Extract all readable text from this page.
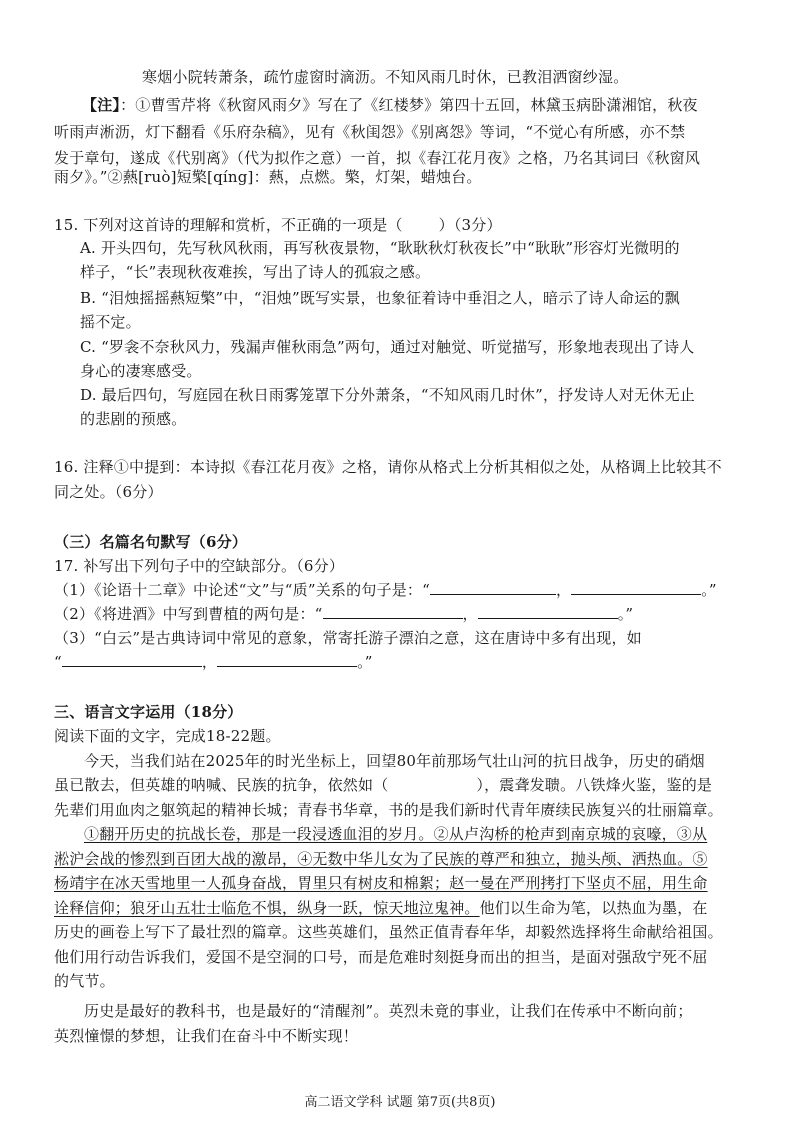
寒烟小院转萧条，疏竹虚窗时滴沥。不知风雨几时休，已教泪洒窗纱湿。
【注】：①曹雪芹将《秋窗风雨夕》写在了《红楼梦》第四十五回，林黛玉病卧潇湘馆，秋夜
听雨声淅沥，灯下翻看《乐府杂稿》，见有《秋闺怨》《别离怨》等词，“不觉心有所感，亦不禁
发于章句，遂成《代别离》（代为拟作之意）一首，拟《春江花月夜》之格，乃名其词曰《秋窗风
雨夕》。”②爇[ruò]短檠[qíng]：爇，点燃。檠，灯架，蜡烛台。
15. 下列对这首诗的理解和赏析，不正确的一项是（ ）（3分）
A. 开头四句，先写秋风秋雨，再写秋夜景物，“耿耿秋灯秋夜长”中“耿耿”形容灯光微明的
样子，“长”表现秋夜难挨，写出了诗人的孤寂之感。
B. “泪烛摇摇爇短檠”中，“泪烛”既写实景，也象征着诗中垂泪之人，暗示了诗人命运的飘
摇不定。
C. “罗衾不奈秋风力，残漏声催秋雨急”两句，通过对触觉、听觉描写，形象地表现出了诗人
身心的凄寒感受。
D. 最后四句，写庭园在秋日雨雾笼罩下分外萧条，“不知风雨几时休”，抒发诗人对无休无止
的悲剧的预感。
16. 注释①中提到：本诗拟《春江花月夜》之格，请你从格式上分析其相似之处，从格调上比较其不
同之处。（6分）
（三）名篇名句默写（6分）
17. 补写出下列句子中的空缺部分。（6分）
（1）《论语十二章》中论述“文”与“质”关系的句子是：“	，	。”
（2）《将进酒》中写到曹植的两句是：“	，	。”
（3）“白云”是古典诗词中常见的意象，常寄托游子漂泊之意，这在唐诗中多有出现，如
“	，	。”
三、语言文字运用（18分）
阅读下面的文字，完成18-22题。
今天，当我们站在2025年的时光坐标上，回望80年前那场气壮山河的抗日战争，历史的硝烟
虽已散去，但英雄的呐喊、民族的抗争，依然如（	），震聋发聩。八铁烽火鉴，鉴的是
先辈们用血肉之躯筑起的精神长城；青春书华章，书的是我们新时代青年赓续民族复兴的壮丽篇章。
①翻开历史的抗战长卷，那是一段浸透血泪的岁月。②从卢沟桥的枪声到南京城的哀嚎，③从
淞沪会战的惨烈到百团大战的激昂，④无数中华儿女为了民族的尊严和独立，抛头颅、洒热血。⑤
杨靖宇在冰天雪地里一人孤身奋战，胃里只有树皮和棉絮；赵一曼在严刑拷打下坚贞不屈，用生命
诠释信仰；狼牙山五壮士临危不惧，纵身一跃，惊天地泣鬼神。他们以生命为笔，以热血为墨，在
历史的画卷上写下了最壮烈的篇章。这些英雄们，虽然正值青春年华，却毅然选择将生命献给祖国。
他们用行动告诉我们，爱国不是空洞的口号，而是危难时刻挺身而出的担当，是面对强敌宁死不屈
的气节。
历史是最好的教科书，也是最好的“清醒剂”。英烈未竟的事业，让我们在传承中不断向前；
英烈憧憬的梦想，让我们在奋斗中不断实现！
高二语文学科 试题 第7页(共8页)
